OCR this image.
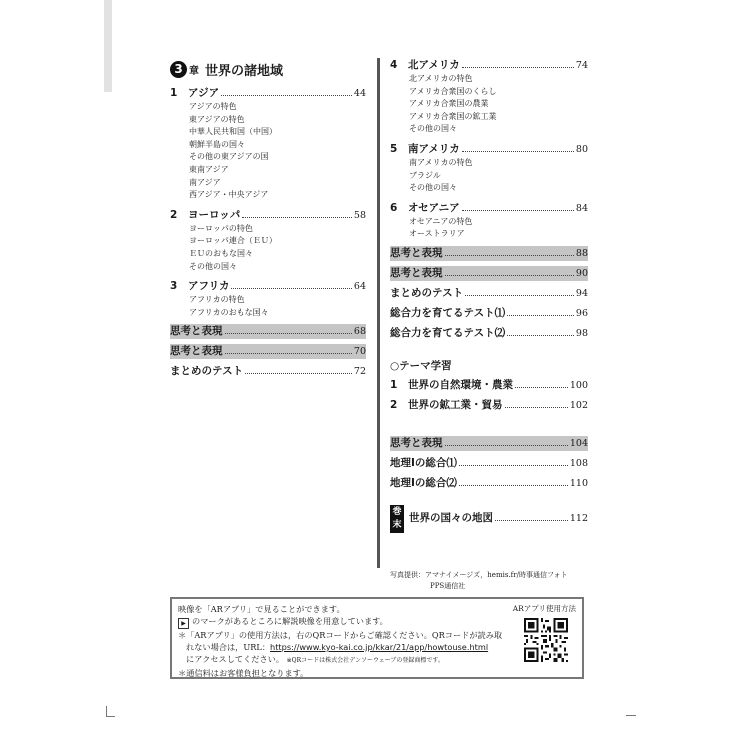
3 章 世界の諸地域
1	アジア	44
アジアの特色
東アジアの特色
中華人民共和国（中国）
朝鮮半島の国々
その他の東アジアの国
東南アジア
南アジア
西アジア・中央アジア
2	ヨーロッパ	58
ヨーロッパの特色
ヨーロッパ連合（ＥＵ）
ＥＵのおもな国々
その他の国々
3	アフリカ	64
アフリカの特色
アフリカのおもな国々
思考と表現	68
思考と表現	70
まとめのテスト	72
4	北アメリカ	74
北アメリカの特色
アメリカ合衆国のくらし
アメリカ合衆国の農業
アメリカ合衆国の鉱工業
その他の国々
5	南アメリカ	80
南アメリカの特色
ブラジル
その他の国々
6	オセアニア	84
オセアニアの特色
オーストラリア
思考と表現	88
思考と表現	90
まとめのテスト	94
総合力を育てるテスト⑴	96
総合力を育てるテスト⑵	98
○テーマ学習
1	世界の自然環境・農業	100
2	世界の鉱工業・貿易	102
思考と表現	104
地理Ⅰの総合⑴	108
地理Ⅰの総合⑵	110
巻
末
世界の国々の地図	112
写真提供：アマナイメージズ，hemis.fr/時事通信フォト
PPS通信社
映像を「ARアプリ」で見ることができます。
▶ のマークがあるところに解説映像を用意しています。
＊「ARアプリ」の使用方法は，右のQRコードからご確認ください。QRコードが読み取
れない場合は，URL：https://www.kyo-kai.co.jp/kkar/21/app/howtouse.html
にアクセスしてください。 ※QRコードは株式会社デンソーウェーブの登録商標です。
＊通信料はお客様負担となります。
ARアプリ使用方法
